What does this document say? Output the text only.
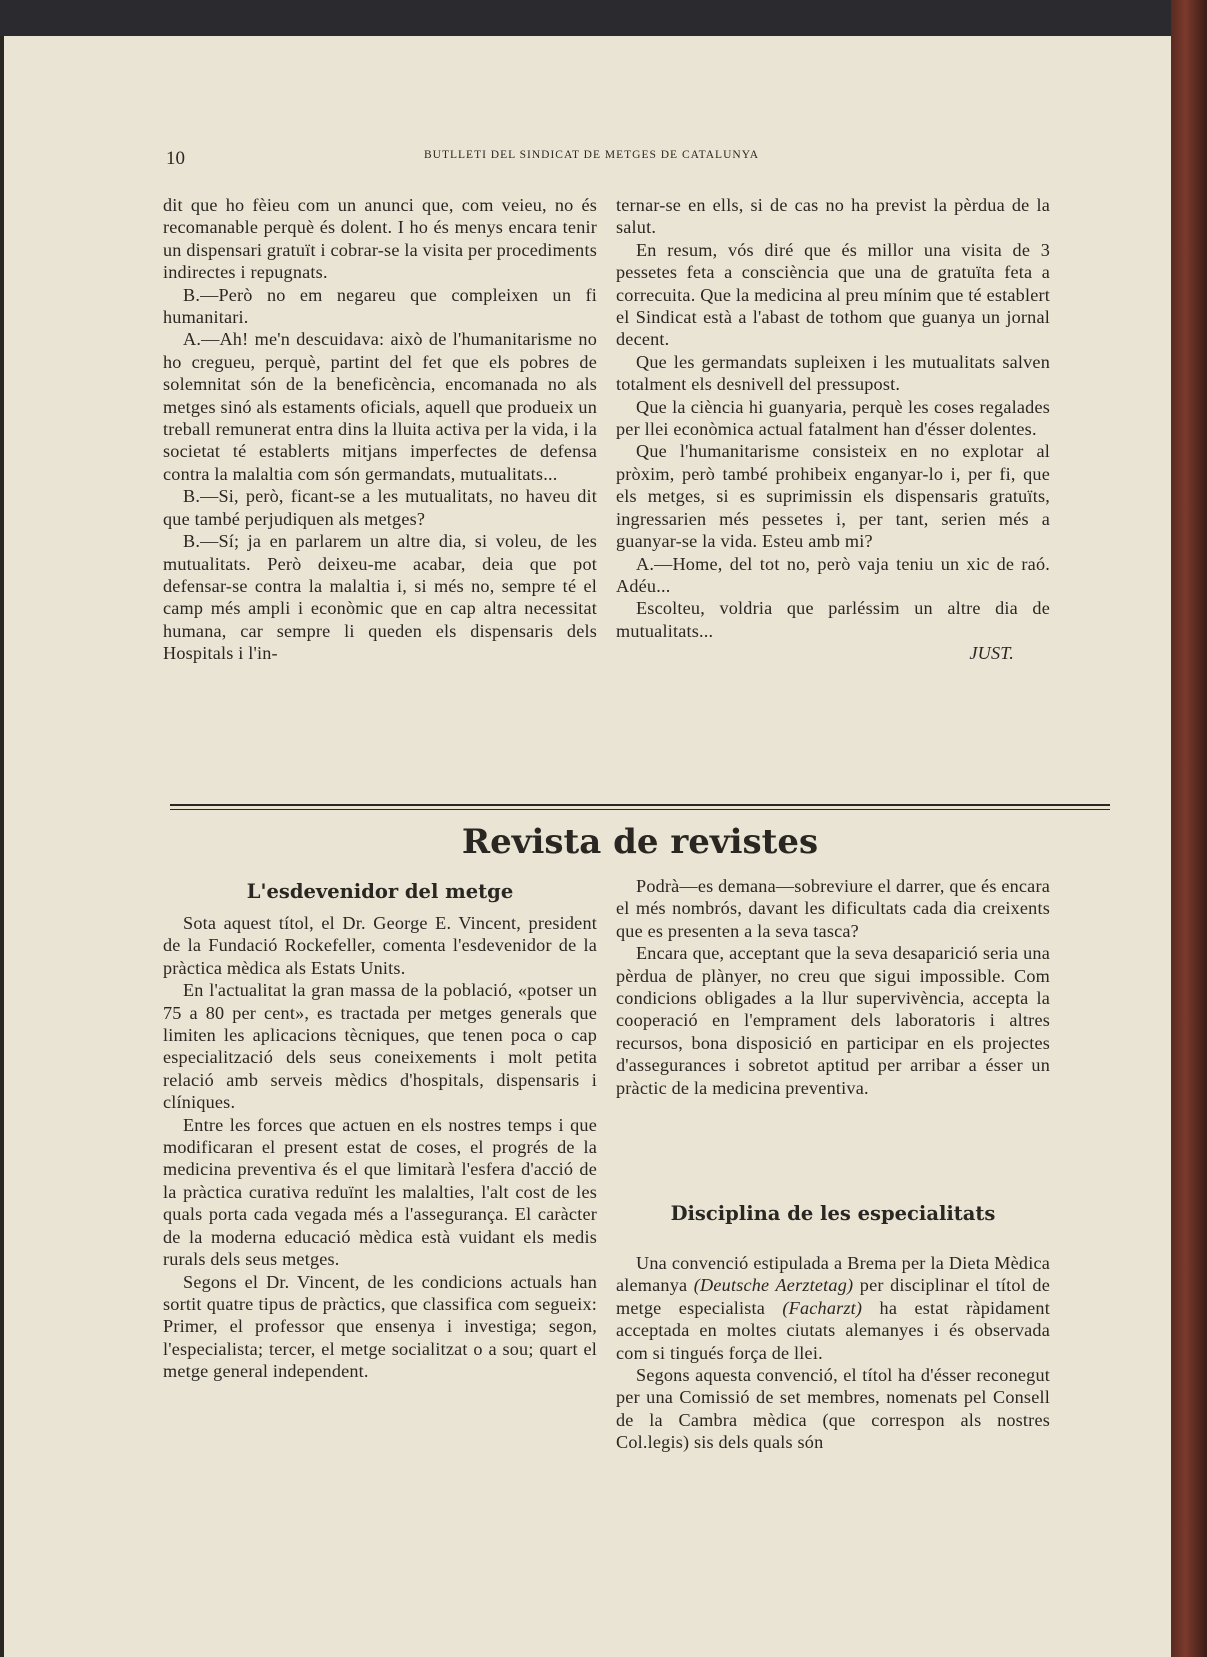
10	BUTLLETI DEL SINDICAT DE METGES DE CATALUNYA

dit que ho fèieu com un anunci que, com veieu, no és recomanable perquè és dolent. I ho és menys encara tenir un dispensari gratuït i cobrar-se la visita per procediments indirectes i repugnats.

B.—Però no em negareu que compleixen un fi humanitari.

A.—Ah! me'n descuidava: això de l'humanitarisme no ho cregueu, perquè, partint del fet que els pobres de solemnitat són de la beneficència, encomanada no als metges sinó als estaments oficials, aquell que produeix un treball remunerat entra dins la lluita activa per la vida, i la societat té establerts mitjans imperfectes de defensa contra la malaltia com són germandats, mutualitats...

B.—Si, però, ficant-se a les mutualitats, no haveu dit que també perjudiquen als metges?

B.—Sí; ja en parlarem un altre dia, si voleu, de les mutualitats. Però deixeu-me acabar, deia que pot defensar-se contra la malaltia i, si més no, sempre té el camp més ampli i econòmic que en cap altra necessitat humana, car sempre li queden els dispensaris dels Hospitals i l'in-

ternar-se en ells, si de cas no ha previst la pèrdua de la salut.

En resum, vós diré que és millor una visita de 3 pessetes feta a consciència que una de gratuïta feta a correcuita. Que la medicina al preu mínim que té establert el Sindicat està a l'abast de tothom que guanya un jornal decent.

Que les germandats supleixen i les mutualitats salven totalment els desnivell del pressupost.

Que la ciència hi guanyaria, perquè les coses regalades per llei econòmica actual fatalment han d'ésser dolentes.

Que l'humanitarisme consisteix en no explotar al pròxim, però també prohibeix enganyar-lo i, per fi, que els metges, si es suprimissin els dispensaris gratuïts, ingressarien més pessetes i, per tant, serien més a guanyar-se la vida. Esteu amb mi?

A.—Home, del tot no, però vaja teniu un xic de raó. Adéu...

Escolteu, voldria que parléssim un altre dia de mutualitats...

JUST.

Revista de revistes
L'esdevenidor del metge

Sota aquest títol, el Dr. George E. Vincent, president de la Fundació Rockefeller, comenta l'esdevenidor de la pràctica mèdica als Estats Units.

En l'actualitat la gran massa de la població, «potser un 75 a 80 per cent», es tractada per metges generals que limiten les aplicacions tècniques, que tenen poca o cap especialització dels seus coneixements i molt petita relació amb serveis mèdics d'hospitals, dispensaris i clíniques.

Entre les forces que actuen en els nostres temps i que modificaran el present estat de coses, el progrés de la medicina preventiva és el que limitarà l'esfera d'acció de la pràctica curativa reduïnt les malalties, l'alt cost de les quals porta cada vegada més a l'assegurança. El caràcter de la moderna educació mèdica està vuidant els medis rurals dels seus metges.

Segons el Dr. Vincent, de les condicions actuals han sortit quatre tipus de pràctics, que classifica com segueix: Primer, el professor que ensenya i investiga; segon, l'especialista; tercer, el metge socialitzat o a sou; quart el metge general independent.

Podrà—es demana—sobreviure el darrer, que és encara el més nombrós, davant les dificultats cada dia creixents que es presenten a la seva tasca?

Encara que, acceptant que la seva desaparició seria una pèrdua de plànyer, no creu que sigui impossible. Com condicions obligades a la llur supervivència, accepta la cooperació en l'emprament dels laboratoris i altres recursos, bona disposició en participar en els projectes d'assegurances i sobretot aptitud per arribar a ésser un pràctic de la medicina preventiva.

Disciplina de les especialitats

Una convenció estipulada a Brema per la Dieta Mèdica alemanya (Deutsche Aerztetag) per disciplinar el títol de metge especialista (Facharzt) ha estat ràpidament acceptada en moltes ciutats alemanyes i és observada com si tingués força de llei.

Segons aquesta convenció, el títol ha d'ésser reconegut per una Comissió de set membres, nomenats pel Consell de la Cambra mèdica (que correspon als nostres Col.legis) sis dels quals són
